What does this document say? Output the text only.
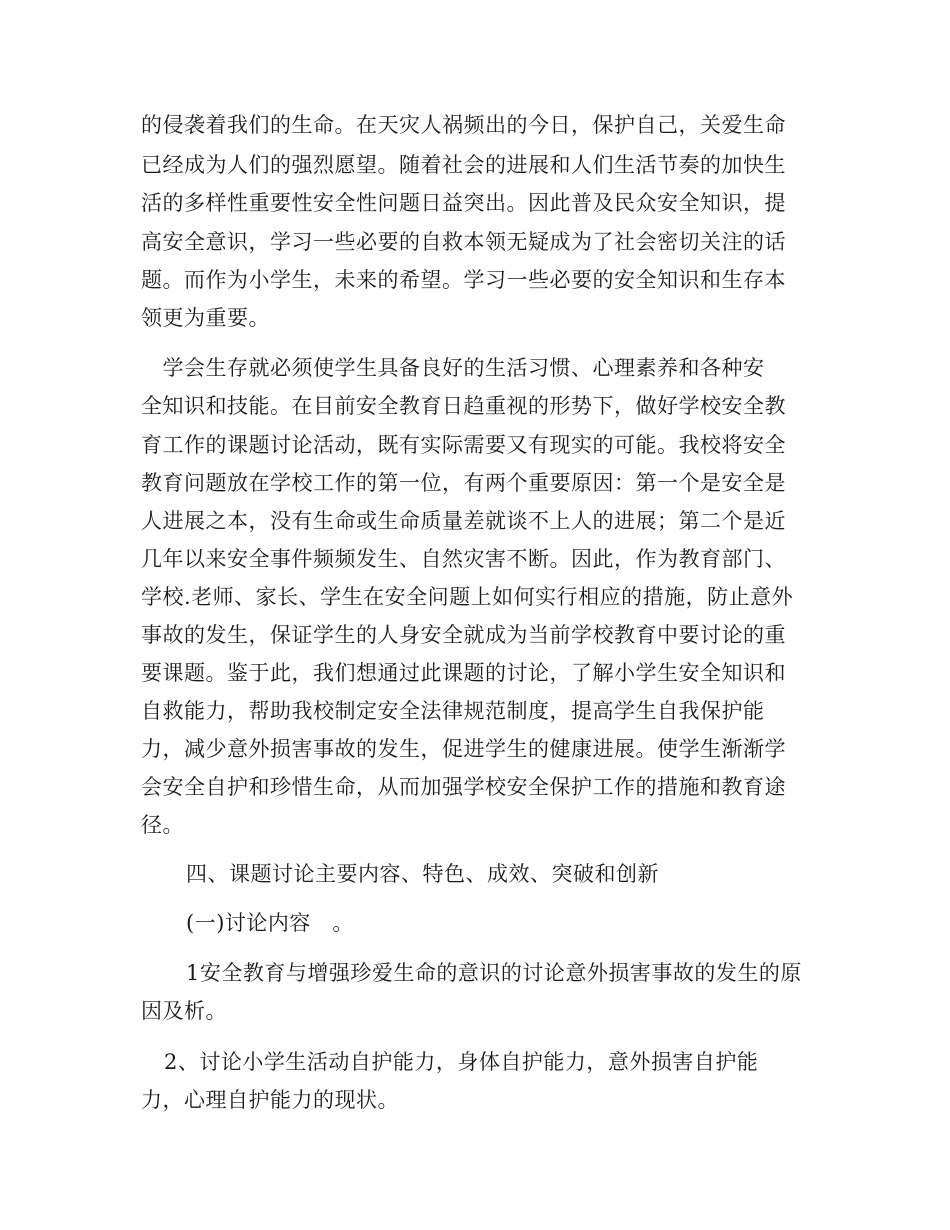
的侵袭着我们的生命。在天灾人祸频出的今日，保护自己，关爱生命
已经成为人们的强烈愿望。随着社会的进展和人们生活节奏的加快生
活的多样性重要性安全性问题日益突出。因此普及民众安全知识，提
高安全意识，学习一些必要的自救本领无疑成为了社会密切关注的话
题。而作为小学生，未来的希望。学习一些必要的安全知识和生存本
领更为重要。
　学会生存就必须使学生具备良好的生活习惯、心理素养和各种安
全知识和技能。在目前安全教育日趋重视的形势下，做好学校安全教
育工作的课题讨论活动，既有实际需要又有现实的可能。我校将安全
教育问题放在学校工作的第一位，有两个重要原因：第一个是安全是
人进展之本，没有生命或生命质量差就谈不上人的进展；第二个是近
几年以来安全事件频频发生、自然灾害不断。因此，作为教育部门、
学校.老师、家长、学生在安全问题上如何实行相应的措施，防止意外
事故的发生，保证学生的人身安全就成为当前学校教育中要讨论的重
要课题。鉴于此，我们想通过此课题的讨论，了解小学生安全知识和
自救能力，帮助我校制定安全法律规范制度，提高学生自我保护能
力，减少意外损害事故的发生，促进学生的健康进展。使学生渐渐学
会安全自护和珍惜生命，从而加强学校安全保护工作的措施和教育途
径。
四、课题讨论主要内容、特色、成效、突破和创新
(一)讨论内容　。
1安全教育与增强珍爱生命的意识的讨论意外损害事故的发生的原
因及析。
2、讨论小学生活动自护能力，身体自护能力，意外损害自护能
力，心理自护能力的现状。
